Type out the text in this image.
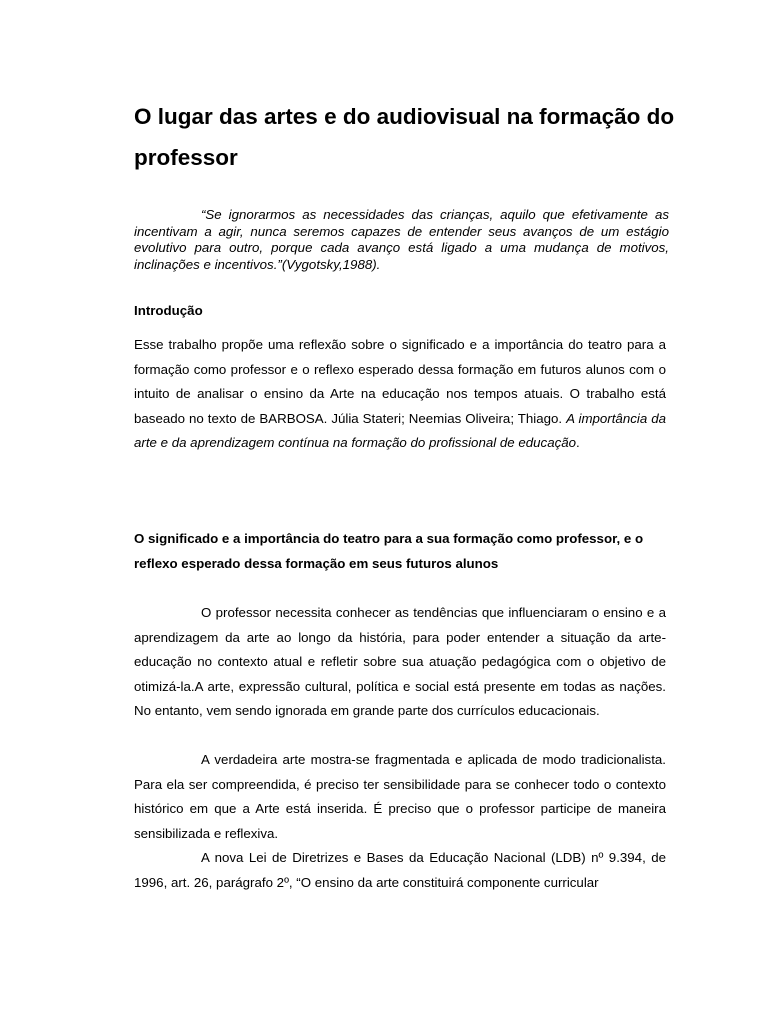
O lugar das artes e do audiovisual na formação do professor

“Se ignorarmos as necessidades das crianças, aquilo que efetivamente as incentivam a agir, nunca seremos capazes de entender seus avanços de um estágio evolutivo para outro, porque cada avanço está ligado a uma mudança de motivos, inclinações e incentivos.”(Vygotsky,1988).

Introdução

Esse trabalho propõe uma reflexão sobre o significado e a importância do teatro para a formação como professor e o reflexo esperado dessa formação em futuros alunos com o intuito de analisar o ensino da Arte na educação nos tempos atuais. O trabalho está baseado no texto de BARBOSA. Júlia Stateri; Neemias Oliveira; Thiago. A importância da arte e da aprendizagem contínua na formação do profissional de educação.

O significado e a importância do teatro para a sua formação como professor, e o reflexo esperado dessa formação em seus futuros alunos

O professor necessita conhecer as tendências que influenciaram o ensino e a aprendizagem da arte ao longo da história, para poder entender a situação da arte-educação no contexto atual e refletir sobre sua atuação pedagógica com o objetivo de otimizá-la.A arte, expressão cultural, política e social está presente em todas as nações. No entanto, vem sendo ignorada em grande parte dos currículos educacionais.

A verdadeira arte mostra-se fragmentada e aplicada de modo tradicionalista. Para ela ser compreendida, é preciso ter sensibilidade para se conhecer todo o contexto histórico em que a Arte está inserida. É preciso que o professor participe de maneira sensibilizada e reflexiva.

A nova Lei de Diretrizes e Bases da Educação Nacional (LDB) nº 9.394, de 1996, art. 26, parágrafo 2º, “O ensino da arte constituirá componente curricular
